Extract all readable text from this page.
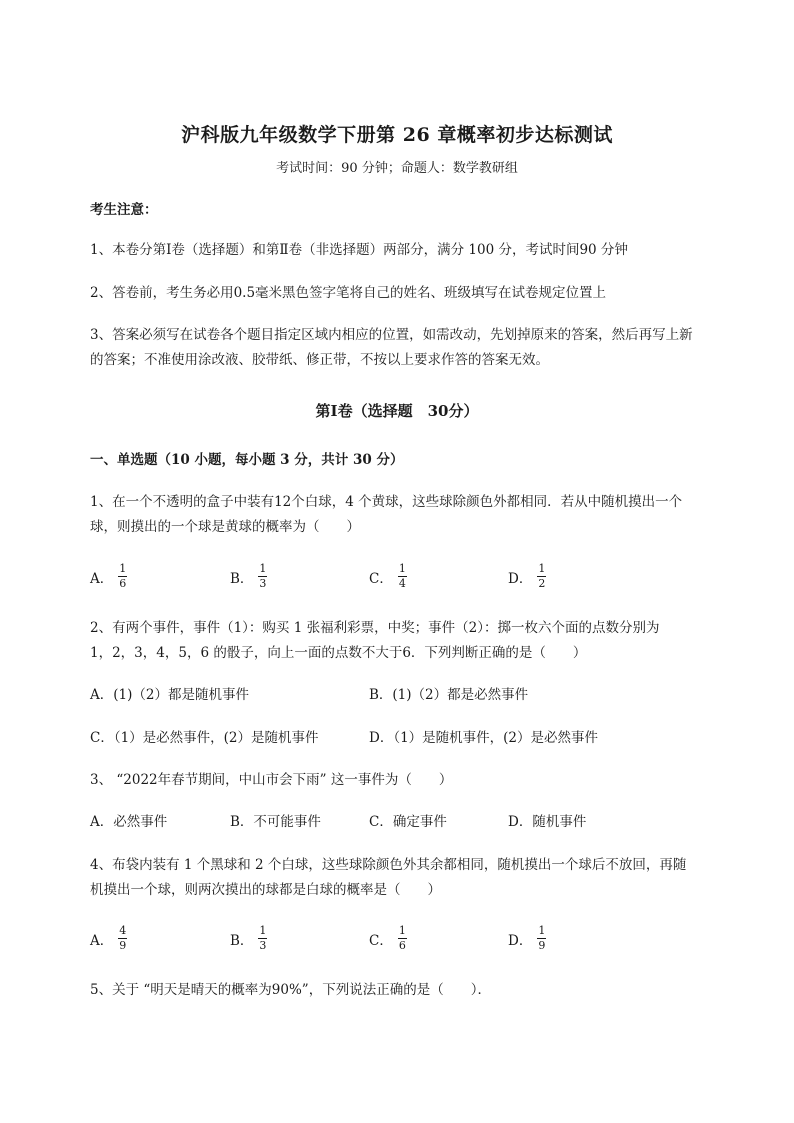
沪科版九年级数学下册第 26 章概率初步达标测试
考试时间：90 分钟；命题人：数学教研组
考生注意：
1、本卷分第Ⅰ卷（选择题）和第Ⅱ卷（非选择题）两部分，满分 100 分，考试时间90 分钟
2、答卷前，考生务必用0.5毫米黑色签字笔将自己的姓名、班级填写在试卷规定位置上
3、答案必须写在试卷各个题目指定区域内相应的位置，如需改动，先划掉原来的答案，然后再写上新
的答案；不准使用涂改液、胶带纸、修正带，不按以上要求作答的答案无效。
第Ⅰ卷（选择题　30分）
一、单选题（10 小题，每小题 3 分，共计 30 分）
1、在一个不透明的盒子中装有12个白球，4 个黄球，这些球除颜色外都相同．若从中随机摸出一个
球，则摸出的一个球是黄球的概率为（　　）
A． $\frac{1}{6}$	B． $\frac{1}{3}$	C． $\frac{1}{4}$	D． $\frac{1}{2}$
2、有两个事件，事件（1）：购买 1 张福利彩票，中奖；事件（2）：掷一枚六个面的点数分别为
1，2，3，4，5，6 的骰子，向上一面的点数不大于6．下列判断正确的是（　　）
A．(1)（2）都是随机事件	B．(1)（2）都是必然事件
C．（1）是必然事件，(2）是随机事件	D．（1）是随机事件，(2）是必然事件
3、 “2022年春节期间，中山市会下雨” 这一事件为（　　）
A．必然事件	B．不可能事件	C．确定事件	D．随机事件
4、布袋内装有 1 个黑球和 2 个白球，这些球除颜色外其余都相同，随机摸出一个球后不放回，再随
机摸出一个球，则两次摸出的球都是白球的概率是（　　）
A． $\frac{4}{9}$	B． $\frac{1}{3}$	C． $\frac{1}{6}$	D． $\frac{1}{9}$
5、关于 “明天是晴天的概率为90%”，下列说法正确的是（　　）．
